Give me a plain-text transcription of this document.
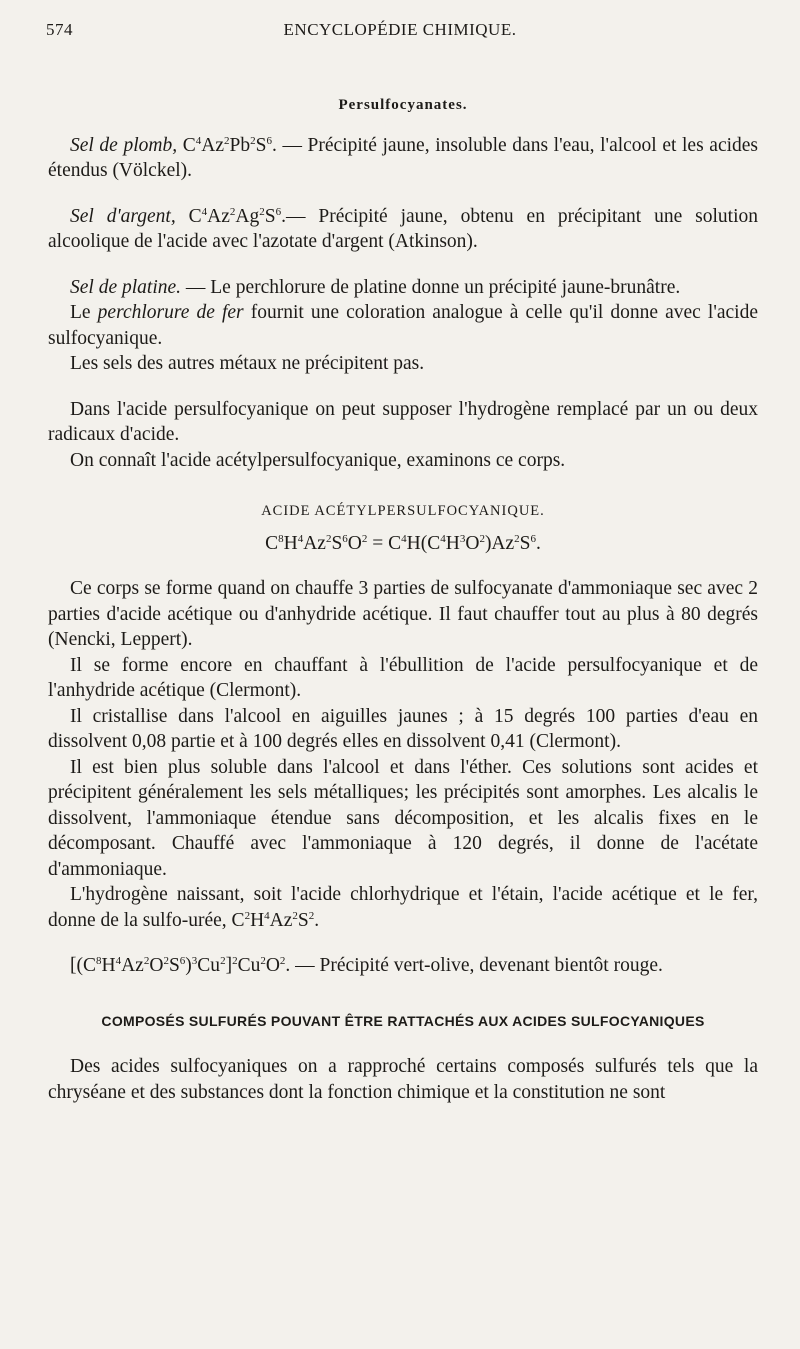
574	ENCYCLOPÉDIE CHIMIQUE.

Persulfocyanates.

Sel de plomb, $C^4Az^2Pb^2S^6$. — Précipité jaune, insoluble dans l'eau, l'alcool et les acides étendus (Völckel).

Sel d'argent, $C^4Az^2Ag^2S^6.—$ Précipité jaune, obtenu en précipitant une solution alcoolique de l'acide avec l'azotate d'argent (Atkinson).

Sel de platine. — Le perchlorure de platine donne un précipité jaune-brunâtre.

Le perchlorure de fer fournit une coloration analogue à celle qu'il donne avec l'acide sulfocyanique.

Les sels des autres métaux ne précipitent pas.

Dans l'acide persulfocyanique on peut supposer l'hydrogène remplacé par un ou deux radicaux d'acide.

On connaît l'acide acétylpersulfocyanique, examinons ce corps.

ACIDE ACÉTYLPERSULFOCYANIQUE.

$C^8H^4Az^2S^6O^2 = C^4H(C^4H^3O^2)Az^2S^6$.

Ce corps se forme quand on chauffe 3 parties de sulfocyanate d'ammoniaque sec avec 2 parties d'acide acétique ou d'anhydride acétique. Il faut chauffer tout au plus à 80 degrés (Nencki, Leppert).

Il se forme encore en chauffant à l'ébullition de l'acide persulfocyanique et de l'anhydride acétique (Clermont).

Il cristallise dans l'alcool en aiguilles jaunes ; à 15 degrés 100 parties d'eau en dissolvent 0,08 partie et à 100 degrés elles en dissolvent 0,41 (Clermont).

Il est bien plus soluble dans l'alcool et dans l'éther. Ces solutions sont acides et précipitent généralement les sels métalliques; les précipités sont amorphes. Les alcalis le dissolvent, l'ammoniaque étendue sans décomposition, et les alcalis fixes en le décomposant. Chauffé avec l'ammoniaque à 120 degrés, il donne de l'acétate d'ammoniaque.

L'hydrogène naissant, soit l'acide chlorhydrique et l'étain, l'acide acétique et le fer, donne de la sulfo-urée, $C^2H^4Az^2S^2$.

$[(C^8H^4Az^2O^2S^6)^3Cu^2]^2Cu^2O^2$. — Précipité vert-olive, devenant bientôt rouge.

COMPOSÉS SULFURÉS POUVANT ÊTRE RATTACHÉS AUX ACIDES SULFOCYANIQUES

Des acides sulfocyaniques on a rapproché certains composés sulfurés tels que la chryséane et des substances dont la fonction chimique et la constitution ne sont
